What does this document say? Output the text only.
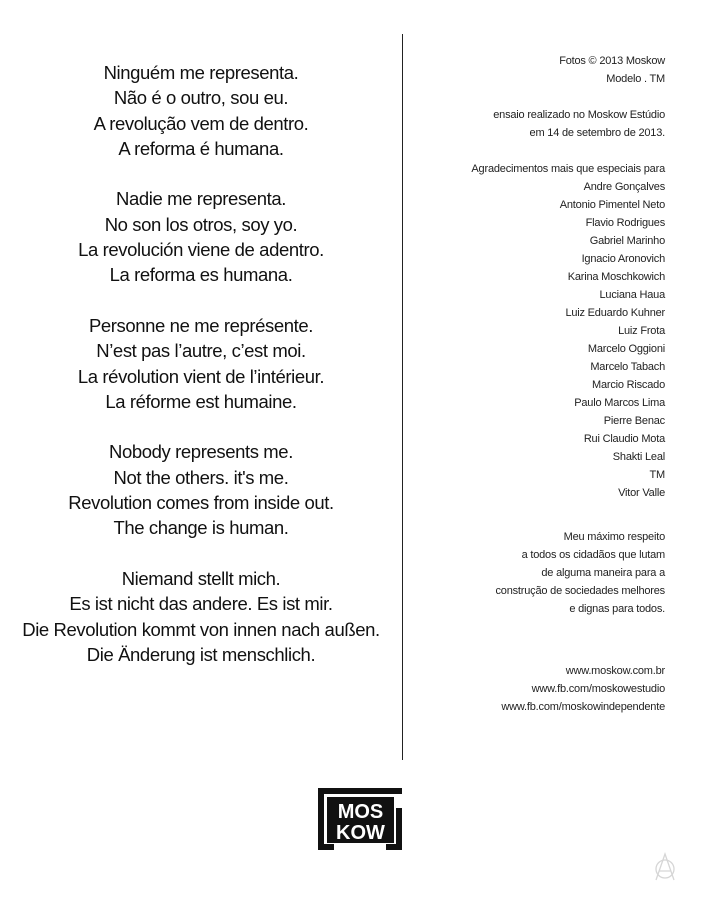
Ninguém me representa.
Não é o outro, sou eu.
A revolução vem de dentro.
A reforma é humana.
Nadie me representa.
No son los otros, soy yo.
La revolución viene de adentro.
La reforma es humana.
Personne ne me représente.
N’est pas l’autre, c’est moi.
La révolution vient de l’intérieur.
La réforme est humaine.
Nobody represents me.
Not the others. it's me.
Revolution comes from inside out.
The change is human.
Niemand stellt mich.
Es ist nicht das andere. Es ist mir.
Die Revolution kommt von innen nach außen.
Die Änderung ist menschlich.
Fotos © 2013 Moskow
Modelo . TM
ensaio realizado no Moskow Estúdio
em 14 de setembro de 2013.
Agradecimentos mais que especiais para
Andre Gonçalves
Antonio Pimentel Neto
Flavio Rodrigues
Gabriel Marinho
Ignacio Aronovich
Karina Moschkowich
Luciana Haua
Luiz Eduardo Kuhner
Luiz Frota
Marcelo Oggioni
Marcelo Tabach
Marcio Riscado
Paulo Marcos Lima
Pierre Benac
Rui Claudio Mota
Shakti Leal
TM
Vitor Valle
Meu máximo respeito
a todos os cidadãos que lutam
de alguma maneira para a
construção de sociedades melhores
e dignas para todos.
www.moskow.com.br
www.fb.com/moskowestudio
www.fb.com/moskowindependente
MOS
KOW
